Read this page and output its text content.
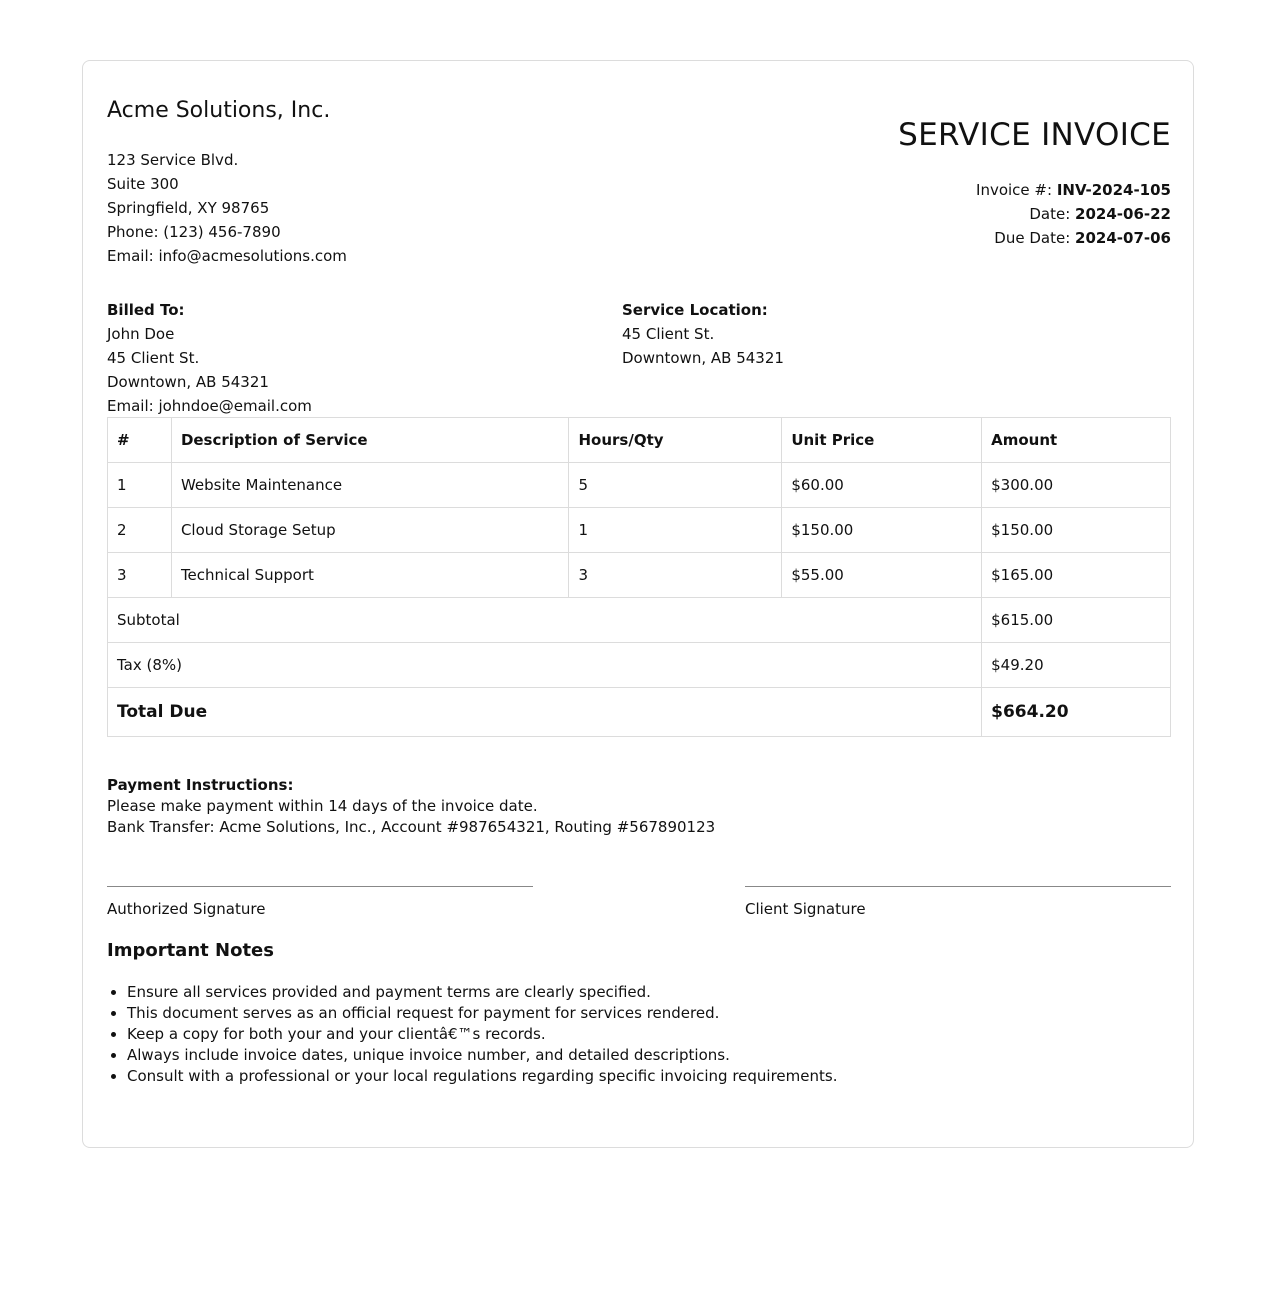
Acme Solutions, Inc.
123 Service Blvd.
Suite 300
Springfield, XY 98765
Phone: (123) 456-7890
Email: info@acmesolutions.com
SERVICE INVOICE
Invoice #: INV-2024-105
Date: 2024-06-22
Due Date: 2024-07-06
Billed To:
John Doe
45 Client St.
Downtown, AB 54321
Email: johndoe@email.com
Service Location:
45 Client St.
Downtown, AB 54321
#	Description of Service	Hours/Qty	Unit Price	Amount
1	Website Maintenance	5	$60.00	$300.00
2	Cloud Storage Setup	1	$150.00	$150.00
3	Technical Support	3	$55.00	$165.00
Subtotal				$615.00
Tax (8%)				$49.20
Total Due				$664.20
Payment Instructions:
Please make payment within 14 days of the invoice date.
Bank Transfer: Acme Solutions, Inc., Account #987654321, Routing #567890123
Authorized Signature	Client Signature
Important Notes
• Ensure all services provided and payment terms are clearly specified.
• This document serves as an official request for payment for services rendered.
• Keep a copy for both your and your clientâ€™s records.
• Always include invoice dates, unique invoice number, and detailed descriptions.
• Consult with a professional or your local regulations regarding specific invoicing requirements.
